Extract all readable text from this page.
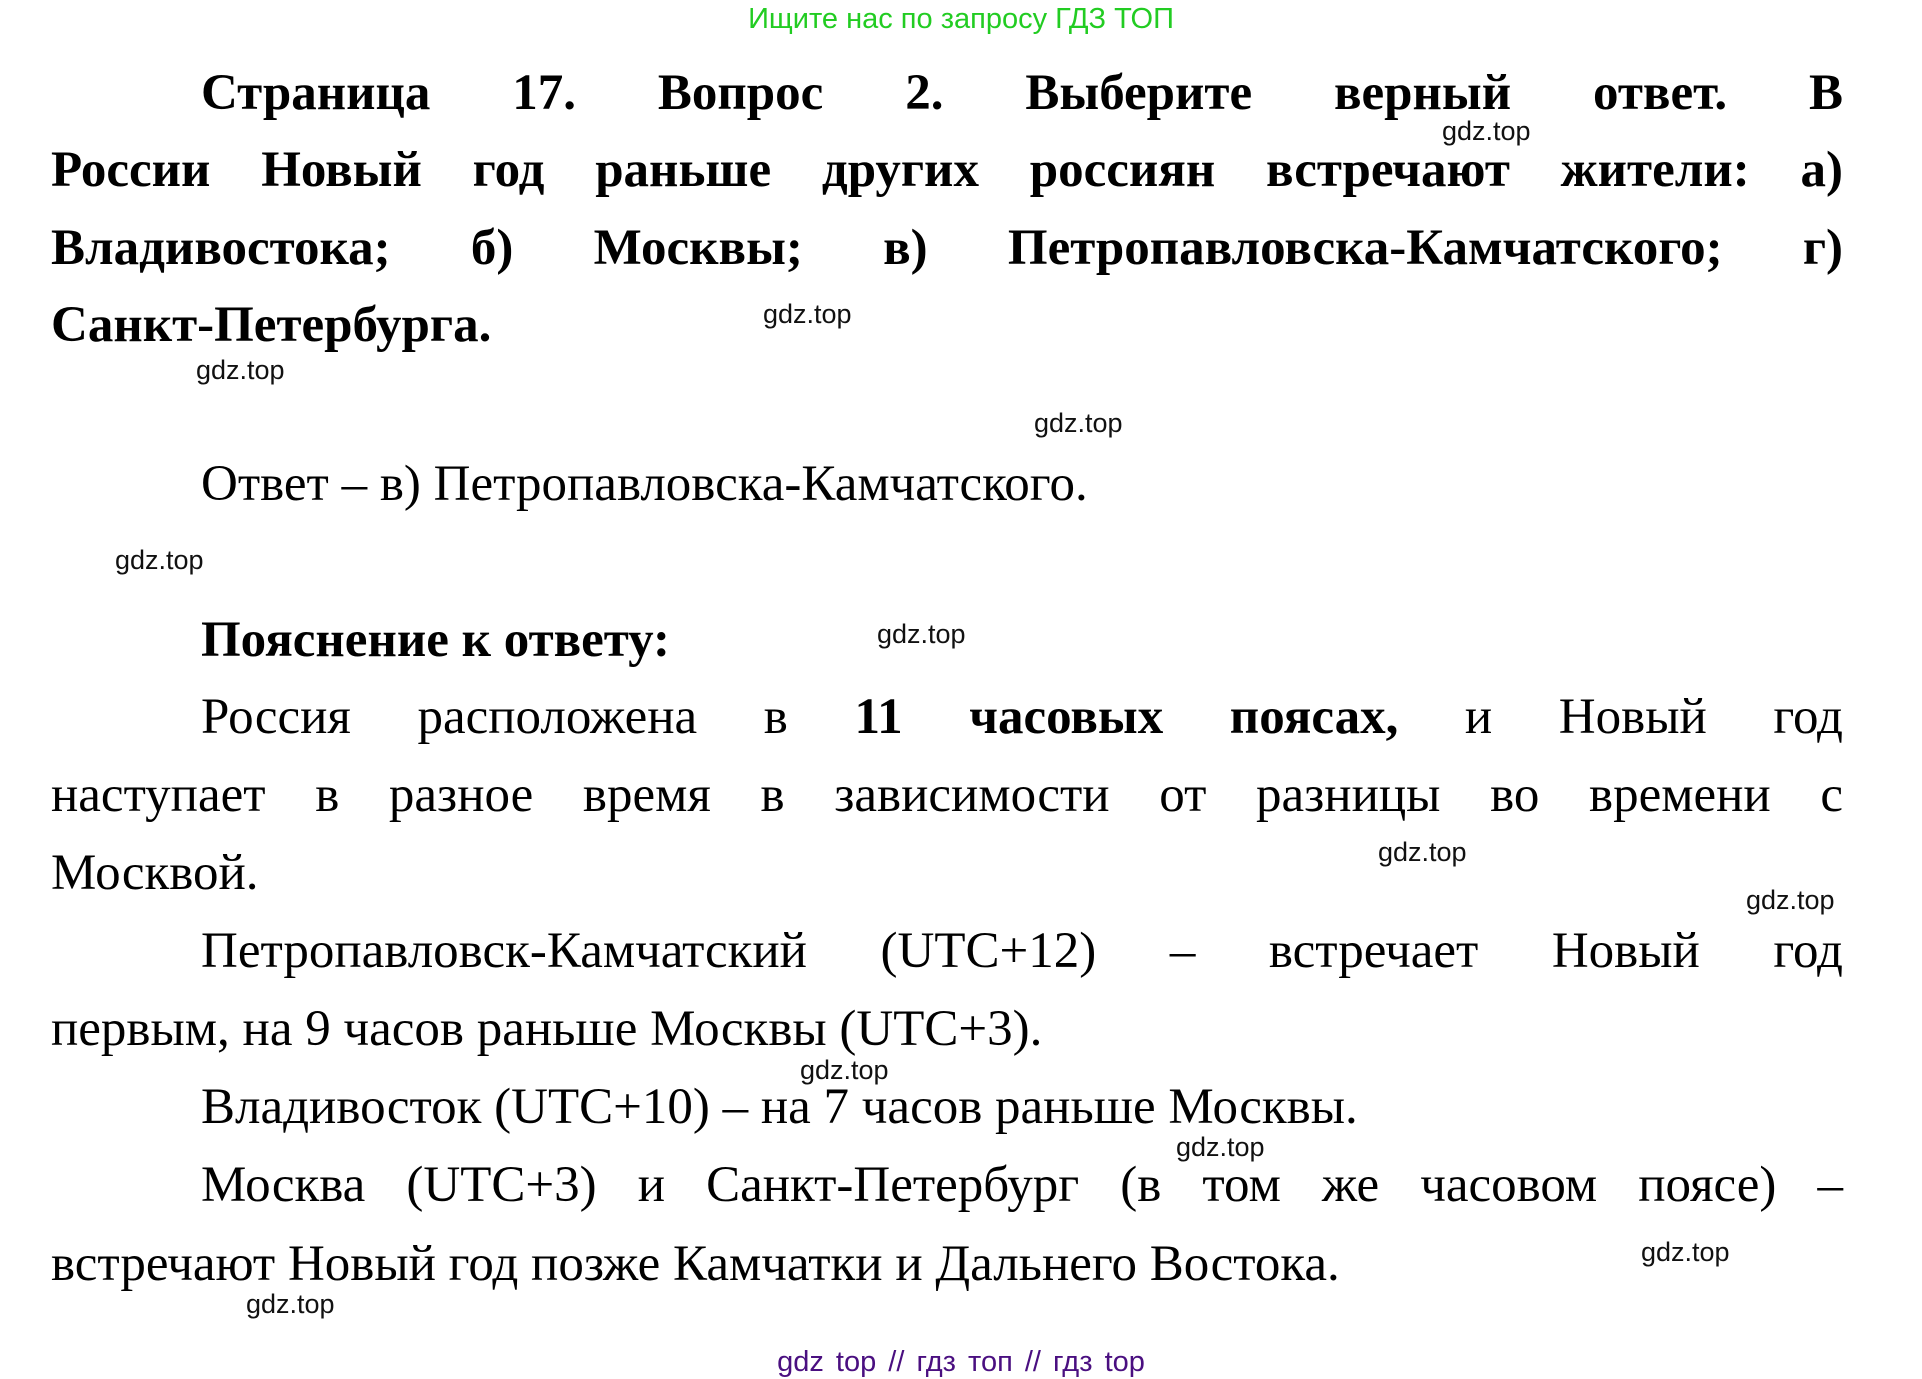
Ищите нас по запросу ГДЗ ТОП
Страница 17. Вопрос 2. Выберите верный ответ. В
России Новый год раньше других россиян встречают жители: а)
Владивостока; б) Москвы; в) Петропавловска-Камчатского; г)
Санкт-Петербурга.
Ответ – в) Петропавловска-Камчатского.
Пояснение к ответу:
Россия расположена в 11 часовых поясах, и Новый год
наступает в разное время в зависимости от разницы во времени с
Москвой.
Петропавловск-Камчатский (UTC+12) – встречает Новый год
первым, на 9 часов раньше Москвы (UTC+3).
Владивосток (UTC+10) – на 7 часов раньше Москвы.
Москва (UTC+3) и Санкт-Петербург (в том же часовом поясе) –
встречают Новый год позже Камчатки и Дальнего Востока.
gdz.top
gdz.top
gdz.top
gdz.top
gdz.top
gdz.top
gdz.top
gdz.top
gdz.top
gdz.top
gdz.top
gdz.top
gdz top // гдз топ // гдз top
